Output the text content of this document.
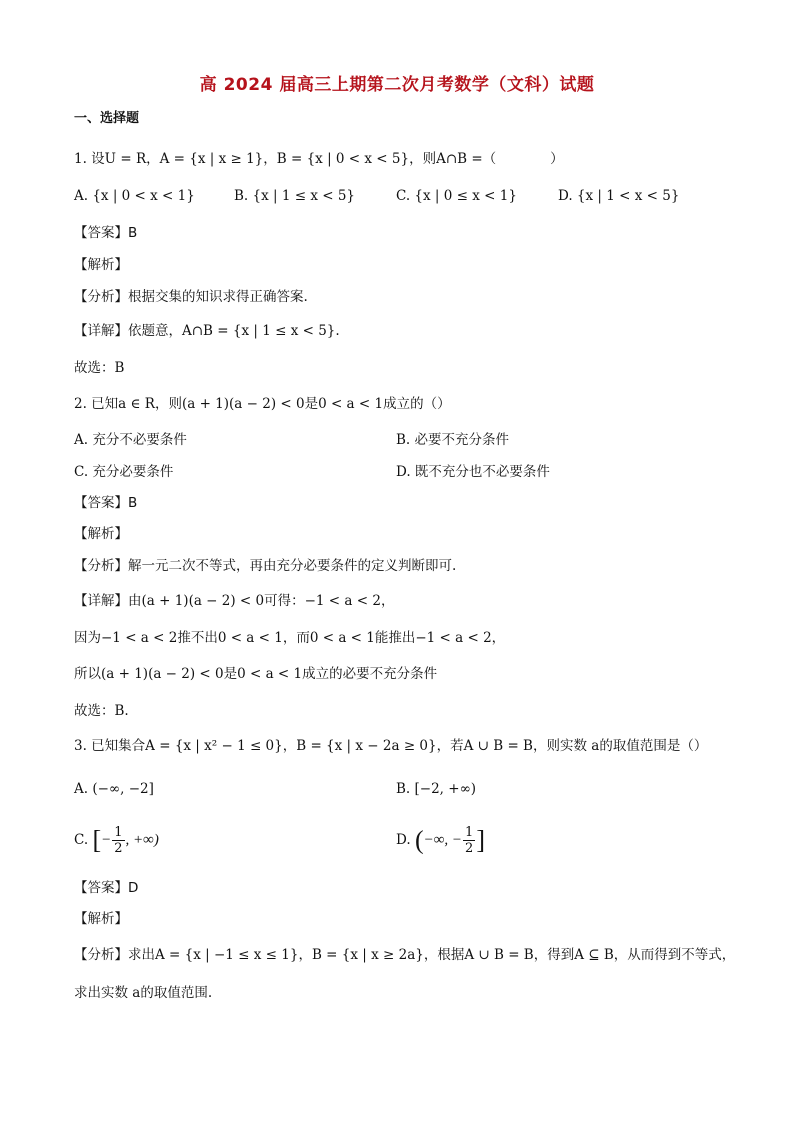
高 2024 届高三上期第二次月考数学（文科）试题
一、选择题
1. 设U = R，A = {x | x ≥ 1}，B = {x | 0 < x < 5}，则A∩B =（　　　　）
A. {x | 0 < x < 1}	B. {x | 1 ≤ x < 5}	C. {x | 0 ≤ x < 1}	D. {x | 1 < x < 5}
【答案】B
【解析】
【分析】根据交集的知识求得正确答案.
【详解】依题意，A∩B = {x | 1 ≤ x < 5}.
故选：B
2. 已知a ∈ R，则(a + 1)(a − 2) < 0是0 < a < 1成立的（）
A. 充分不必要条件	B. 必要不充分条件
C. 充分必要条件	D. 既不充分也不必要条件
【答案】B
【解析】
【分析】解一元二次不等式，再由充分必要条件的定义判断即可.
【详解】由(a + 1)(a − 2) < 0可得：−1 < a < 2，
因为−1 < a < 2推不出0 < a < 1，而0 < a < 1能推出−1 < a < 2，
所以(a + 1)(a − 2) < 0是0 < a < 1成立的必要不充分条件
故选：B.
3. 已知集合A = {x | x² − 1 ≤ 0}，B = {x | x − 2a ≥ 0}，若A ∪ B = B，则实数 a的取值范围是（）
A. (−∞, −2]	B. [−2, +∞)
C. [− $\frac{1}{2}$ , +∞)	D. (−∞, − $\frac{1}{2}$ ]
【答案】D
【解析】
【分析】求出A = {x | −1 ≤ x ≤ 1}，B = {x | x ≥ 2a}，根据A ∪ B = B，得到A ⊆ B，从而得到不等式，
求出实数 a的取值范围.
